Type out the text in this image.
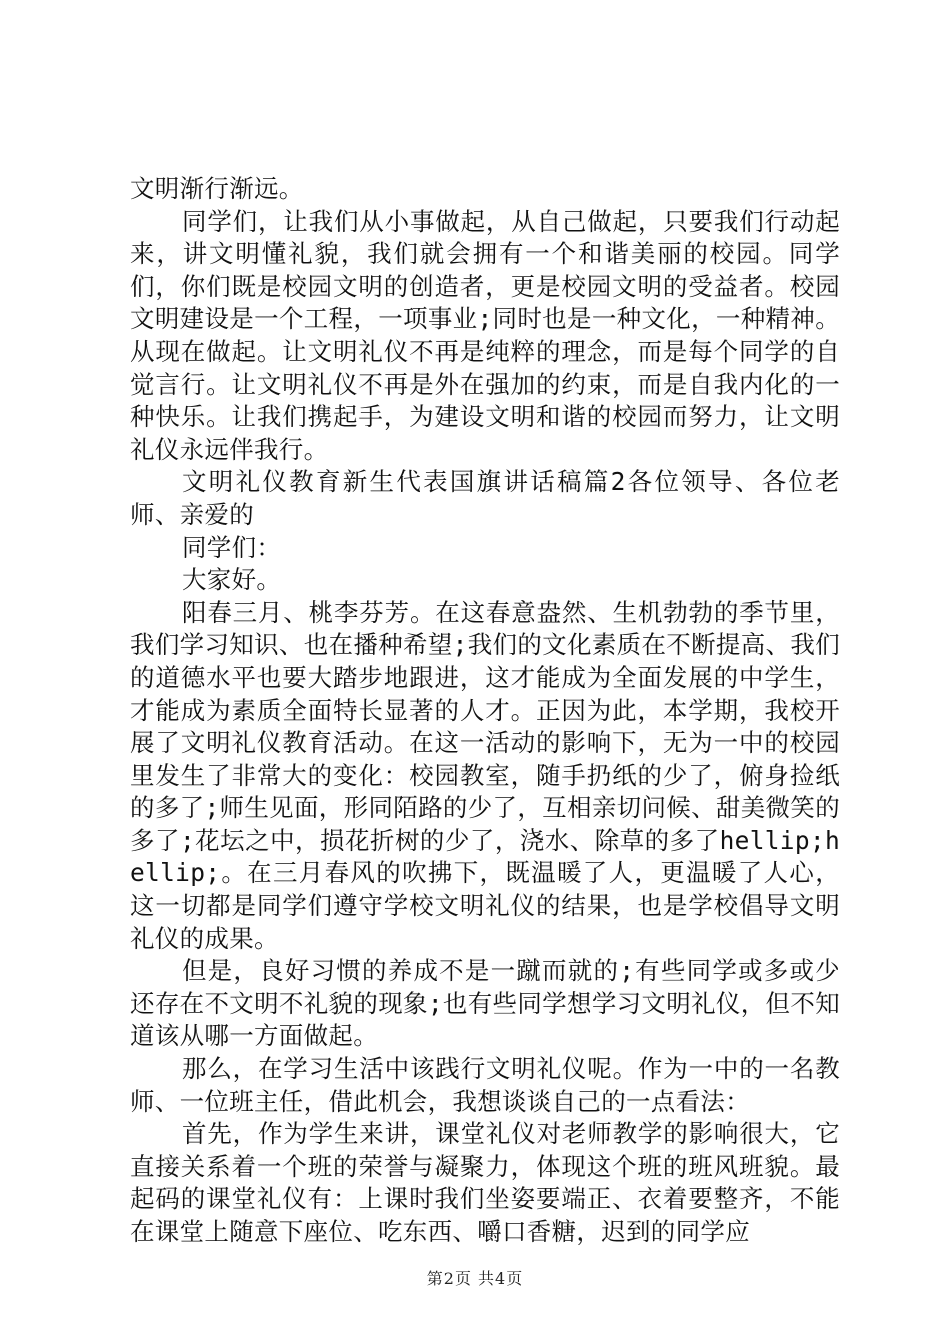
文明渐行渐远。

同学们，让我们从小事做起，从自己做起，只要我们行动起来，讲文明懂礼貌，我们就会拥有一个和谐美丽的校园。同学们，你们既是校园文明的创造者，更是校园文明的受益者。校园文明建设是一个工程，一项事业;同时也是一种文化，一种精神。从现在做起。让文明礼仪不再是纯粹的理念，而是每个同学的自觉言行。让文明礼仪不再是外在强加的约束，而是自我内化的一种快乐。让我们携起手，为建设文明和谐的校园而努力，让文明礼仪永远伴我行。

文明礼仪教育新生代表国旗讲话稿篇2各位领导、各位老师、亲爱的

同学们：

大家好。

阳春三月、桃李芬芳。在这春意盎然、生机勃勃的季节里，我们学习知识、也在播种希望;我们的文化素质在不断提高、我们的道德水平也要大踏步地跟进，这才能成为全面发展的中学生，才能成为素质全面特长显著的人才。正因为此，本学期，我校开展了文明礼仪教育活动。在这一活动的影响下，无为一中的校园里发生了非常大的变化：校园教室，随手扔纸的少了，俯身捡纸的多了;师生见面，形同陌路的少了，互相亲切问候、甜美微笑的多了;花坛之中，损花折树的少了，浇水、除草的多了hellip;hellip;。在三月春风的吹拂下，既温暖了人，更温暖了人心，这一切都是同学们遵守学校文明礼仪的结果，也是学校倡导文明礼仪的成果。

但是，良好习惯的养成不是一蹴而就的;有些同学或多或少还存在不文明不礼貌的现象;也有些同学想学习文明礼仪，但不知道该从哪一方面做起。

那么，在学习生活中该践行文明礼仪呢。作为一中的一名教师、一位班主任，借此机会，我想谈谈自己的一点看法：

首先，作为学生来讲，课堂礼仪对老师教学的影响很大，它直接关系着一个班的荣誉与凝聚力，体现这个班的班风班貌。最起码的课堂礼仪有：上课时我们坐姿要端正、衣着要整齐，不能在课堂上随意下座位、吃东西、嚼口香糖，迟到的同学应

第2页 共4页
